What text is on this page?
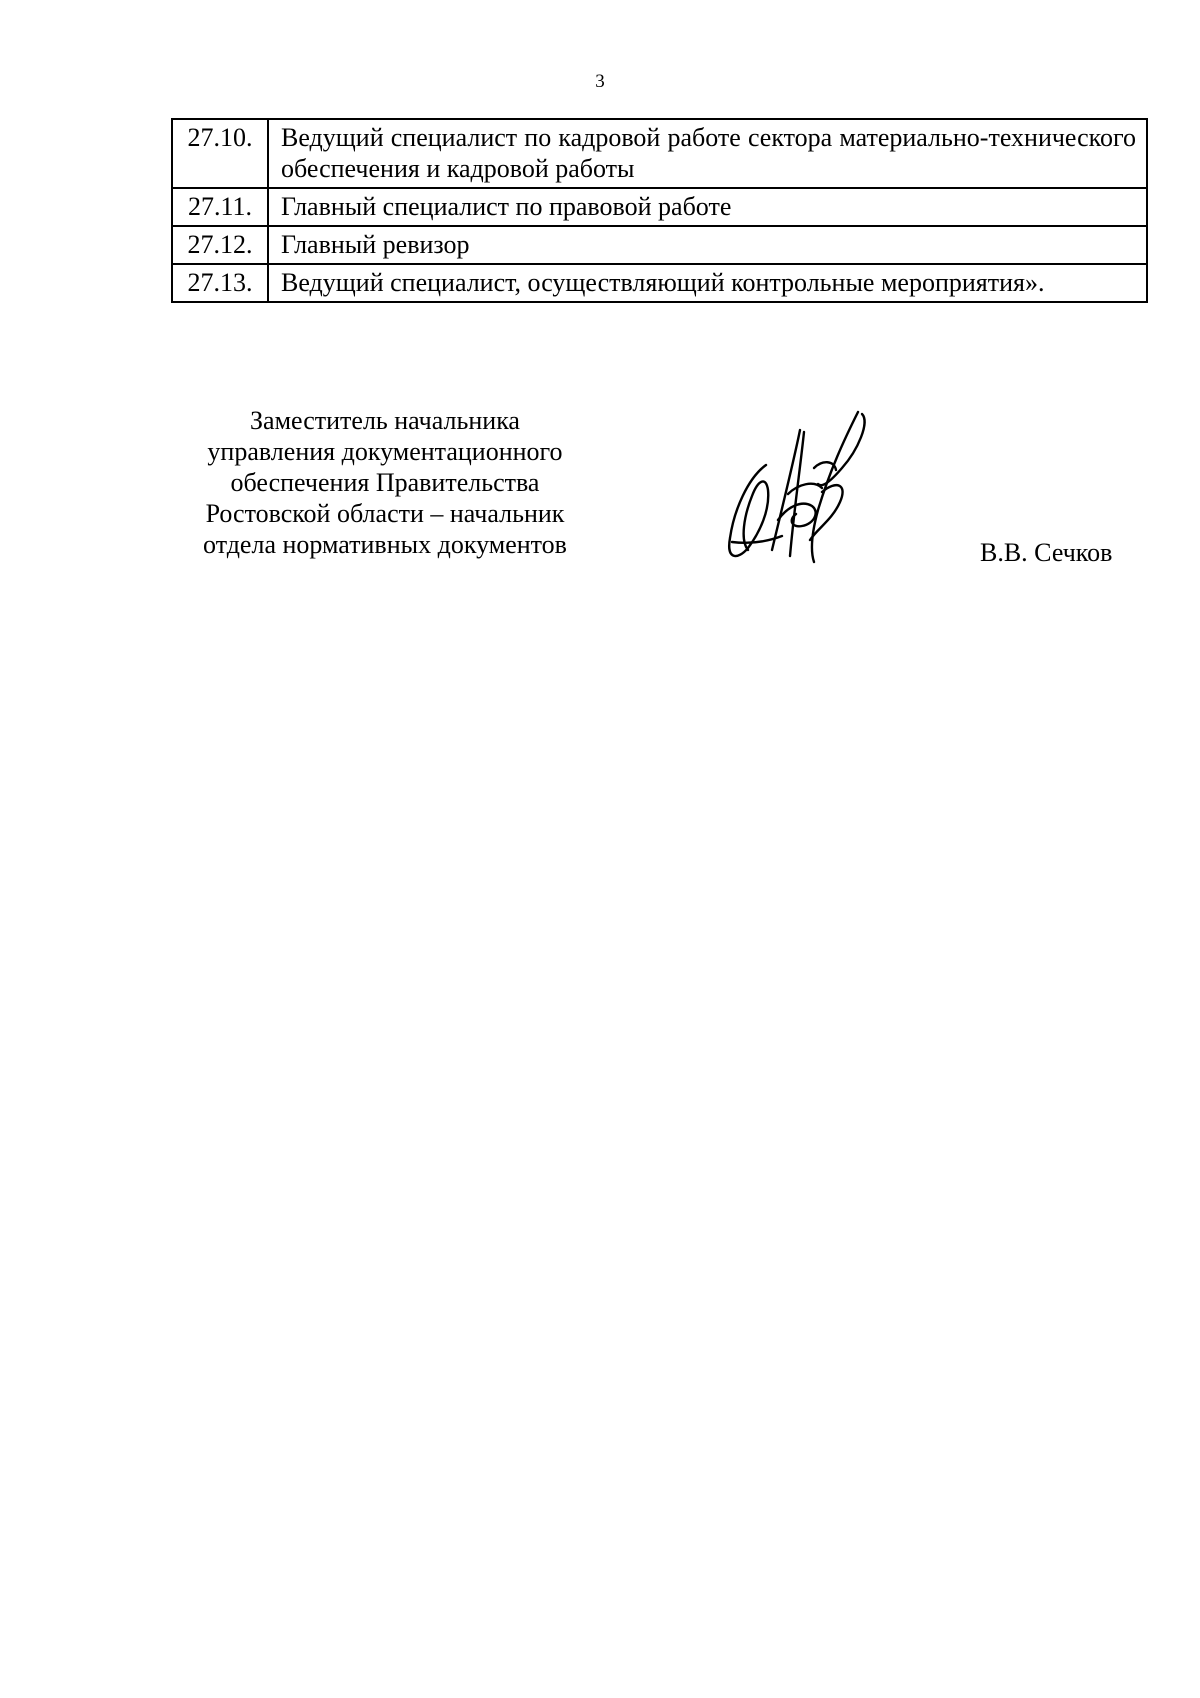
3
27.10.	Ведущий специалист по кадровой работе сектора материально-технического обеспечения и кадровой работы
27.11.	Главный специалист по правовой работе
27.12.	Главный ревизор
27.13.	Ведущий специалист, осуществляющий контрольные мероприятия».
Заместитель начальника
управления документационного
обеспечения Правительства
Ростовской области – начальник
отдела нормативных документов	В.В. Сечков
